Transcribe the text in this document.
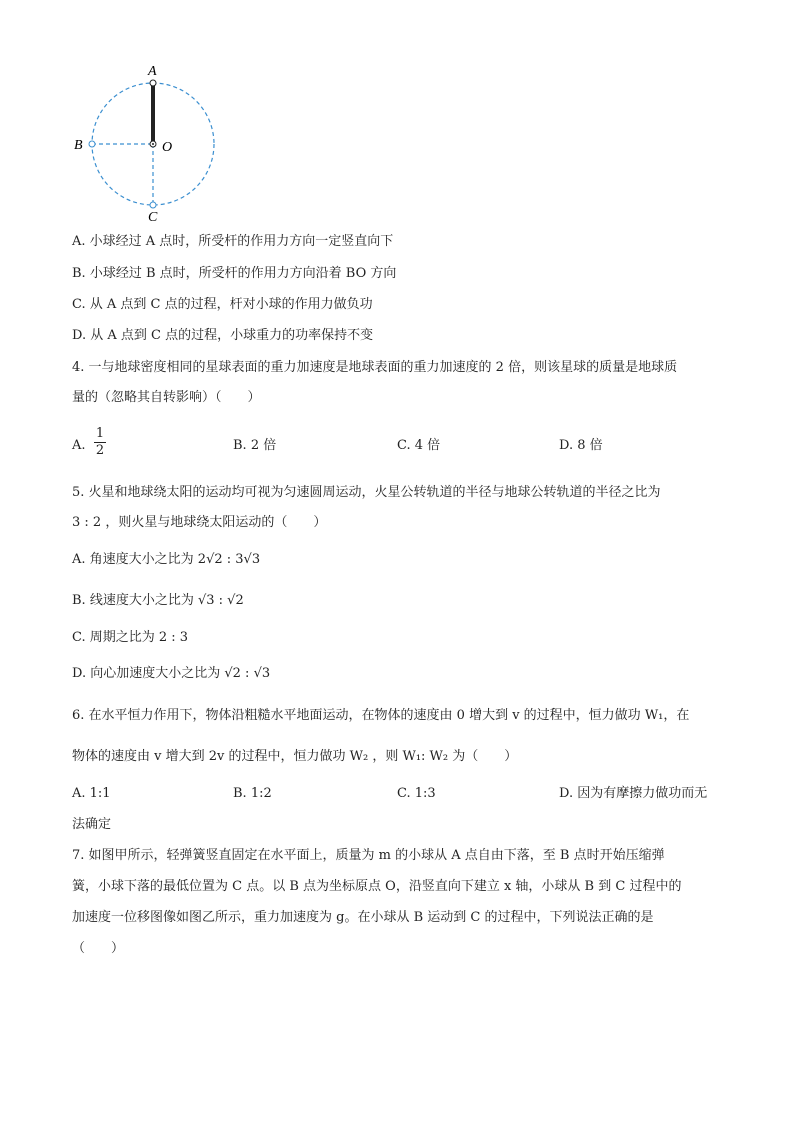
A
B	O
C
A. 小球经过 A 点时，所受杆的作用力方向一定竖直向下
B. 小球经过 B 点时，所受杆的作用力方向沿着 BO 方向
C. 从 A 点到 C 点的过程，杆对小球的作用力做负功
D. 从 A 点到 C 点的过程，小球重力的功率保持不变
4. 一与地球密度相同的星球表面的重力加速度是地球表面的重力加速度的 2 倍，则该星球的质量是地球质
量的（忽略其自转影响）（　　）
A.
1
2	B. 2 倍	C. 4 倍	D. 8 倍
5. 火星和地球绕太阳的运动均可视为匀速圆周运动，火星公转轨道的半径与地球公转轨道的半径之比为
3 : 2 ，则火星与地球绕太阳运动的（　　）
A. 角速度大小之比为 2√2 : 3√3
B. 线速度大小之比为 √3 : √2
C. 周期之比为 2 : 3
D. 向心加速度大小之比为 √2 : √3
6. 在水平恒力作用下，物体沿粗糙水平地面运动，在物体的速度由 0 增大到 v 的过程中，恒力做功 W₁，在
物体的速度由 v 增大到 2v 的过程中，恒力做功 W₂ ，则 W₁: W₂ 为（　　）
A. 1:1	B. 1:2	C. 1:3	D. 因为有摩擦力做功而无
法确定
7. 如图甲所示，轻弹簧竖直固定在水平面上，质量为 m 的小球从 A 点自由下落，至 B 点时开始压缩弹
簧，小球下落的最低位置为 C 点。以 B 点为坐标原点 O，沿竖直向下建立 x 轴，小球从 B 到 C 过程中的
加速度一位移图像如图乙所示，重力加速度为 g。在小球从 B 运动到 C 的过程中，下列说法正确的是
（　　）
